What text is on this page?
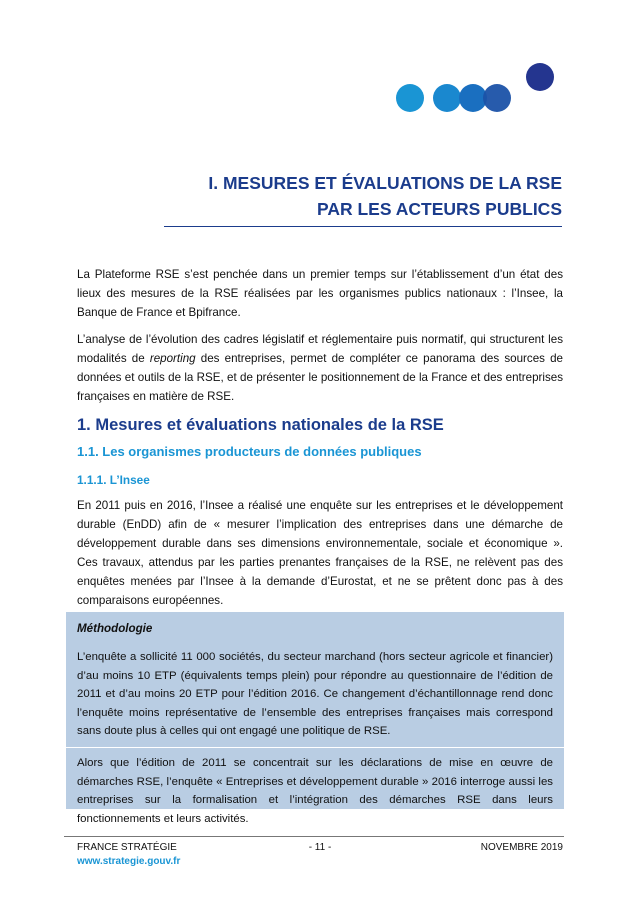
I. MESURES ET ÉVALUATIONS DE LA RSE
PAR LES ACTEURS PUBLICS

La Plateforme RSE s’est penchée dans un premier temps sur l’établissement d’un état des lieux des mesures de la RSE réalisées par les organismes publics nationaux : l’Insee, la Banque de France et Bpifrance.

L’analyse de l’évolution des cadres législatif et réglementaire puis normatif, qui structurent les modalités de reporting des entreprises, permet de compléter ce panorama des sources de données et outils de la RSE, et de présenter le positionnement de la France et des entreprises françaises en matière de RSE.

1. Mesures et évaluations nationales de la RSE
1.1. Les organismes producteurs de données publiques
1.1.1. L’Insee

En 2011 puis en 2016, l’Insee a réalisé une enquête sur les entreprises et le développement durable (EnDD) afin de « mesurer l’implication des entreprises dans une démarche de développement durable dans ses dimensions environnementale, sociale et économique ». Ces travaux, attendus par les parties prenantes françaises de la RSE, ne relèvent pas des enquêtes menées par l’Insee à la demande d’Eurostat, et ne se prêtent donc pas à des comparaisons européennes.

Méthodologie

L’enquête a sollicité 11 000 sociétés, du secteur marchand (hors secteur agricole et financier) d’au moins 10 ETP (équivalents temps plein) pour répondre au questionnaire de l’édition de 2011 et d’au moins 20 ETP pour l’édition 2016. Ce changement d’échantillonnage rend donc l’enquête moins représentative de l’ensemble des entreprises françaises mais correspond sans doute plus à celles qui ont engagé une politique de RSE.

Alors que l’édition de 2011 se concentrait sur les déclarations de mise en œuvre de démarches RSE, l’enquête « Entreprises et développement durable » 2016 interroge aussi les entreprises sur la formalisation et l’intégration des démarches RSE dans leurs fonctionnements et leurs activités.

FRANCE STRATÉGIE	- 11 -	NOVEMBRE 2019
www.strategie.gouv.fr
